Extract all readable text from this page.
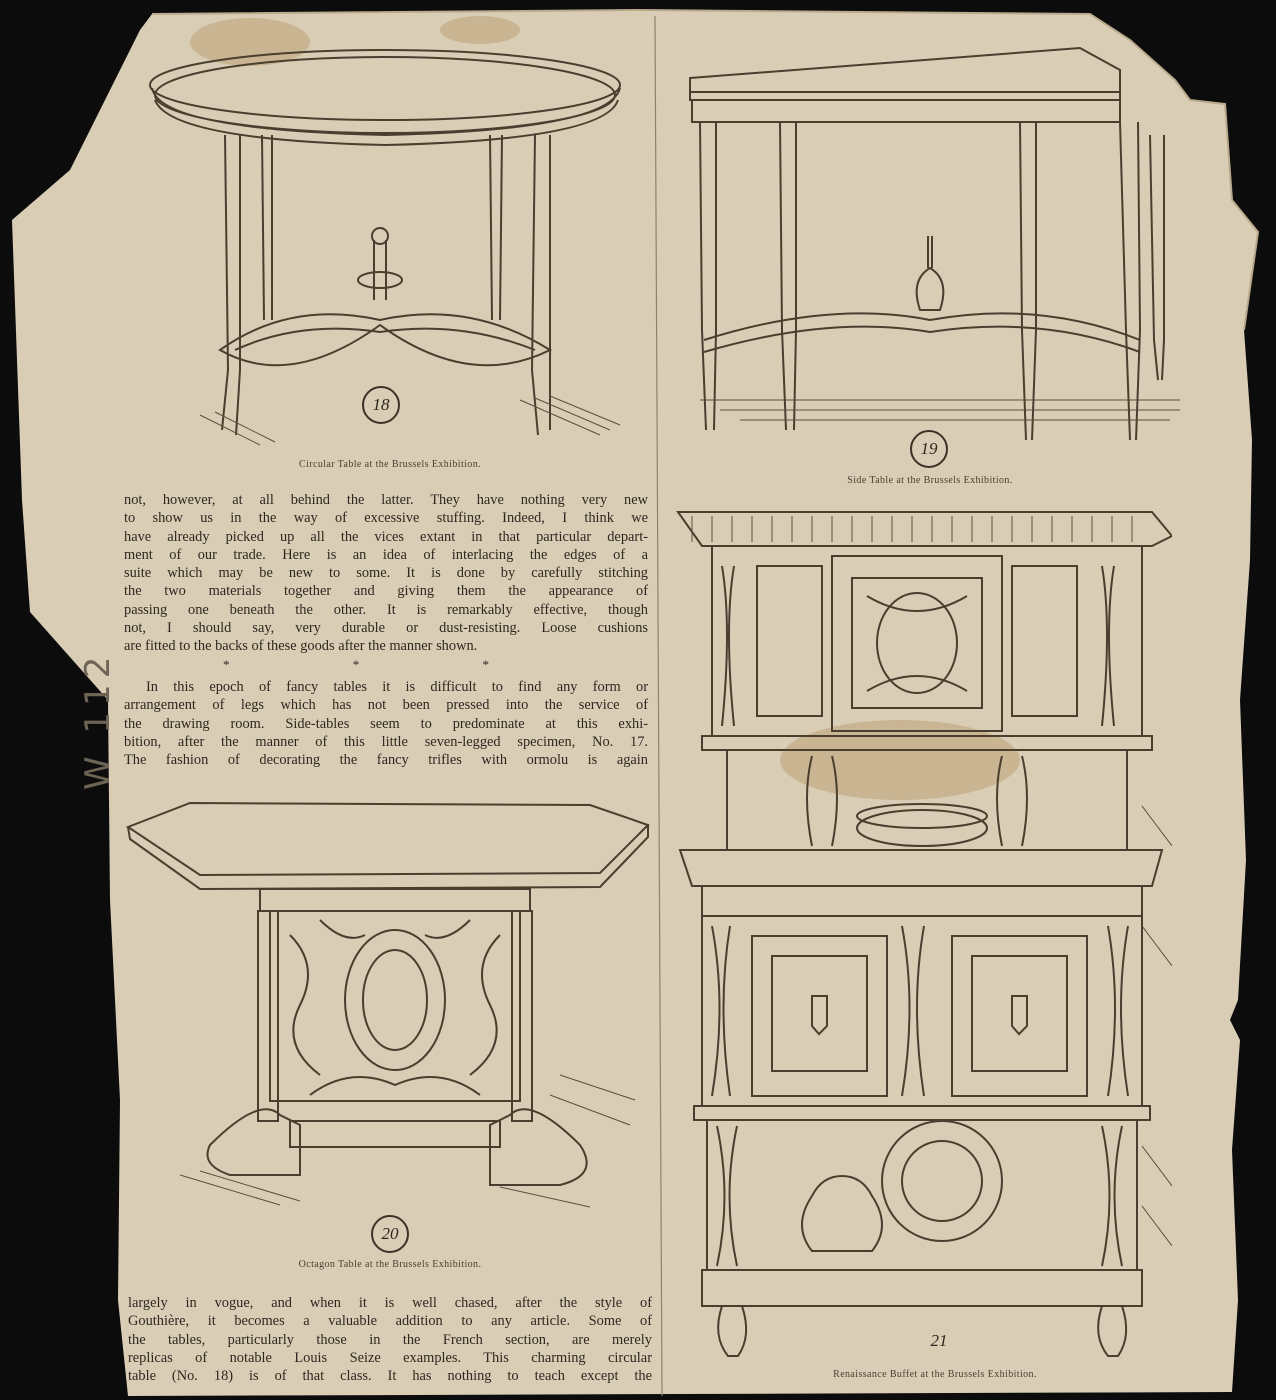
18
Circular Table at the Brussels Exhibition.
19
Side Table at the Brussels Exhibition.
not, however, at all behind the latter. They have nothing very new
to show us in the way of excessive stuffing. Indeed, I think we
have already picked up all the vices extant in that particular depart-
ment of our trade. Here is an idea of interlacing the edges of a
suite which may be new to some. It is done by carefully stitching
the two materials together and giving them the appearance of
passing one beneath the other. It is remarkably effective, though
not, I should say, very durable or dust-resisting. Loose cushions
are fitted to the backs of these goods after the manner shown.
* * *
In this epoch of fancy tables it is difficult to find any form or
arrangement of legs which has not been pressed into the service of
the drawing room. Side-tables seem to predominate at this exhi-
bition, after the manner of this little seven-legged specimen, No. 17.
The fashion of decorating the fancy trifles with ormolu is again
W 112
20
Octagon Table at the Brussels Exhibition.
largely in vogue, and when it is well chased, after the style of
Gouthière, it becomes a valuable addition to any article. Some of
the tables, particularly those in the French section, are merely
replicas of notable Louis Seize examples. This charming circular
table (No. 18) is of that class. It has nothing to teach except the
21
Renaissance Buffet at the Brussels Exhibition.
